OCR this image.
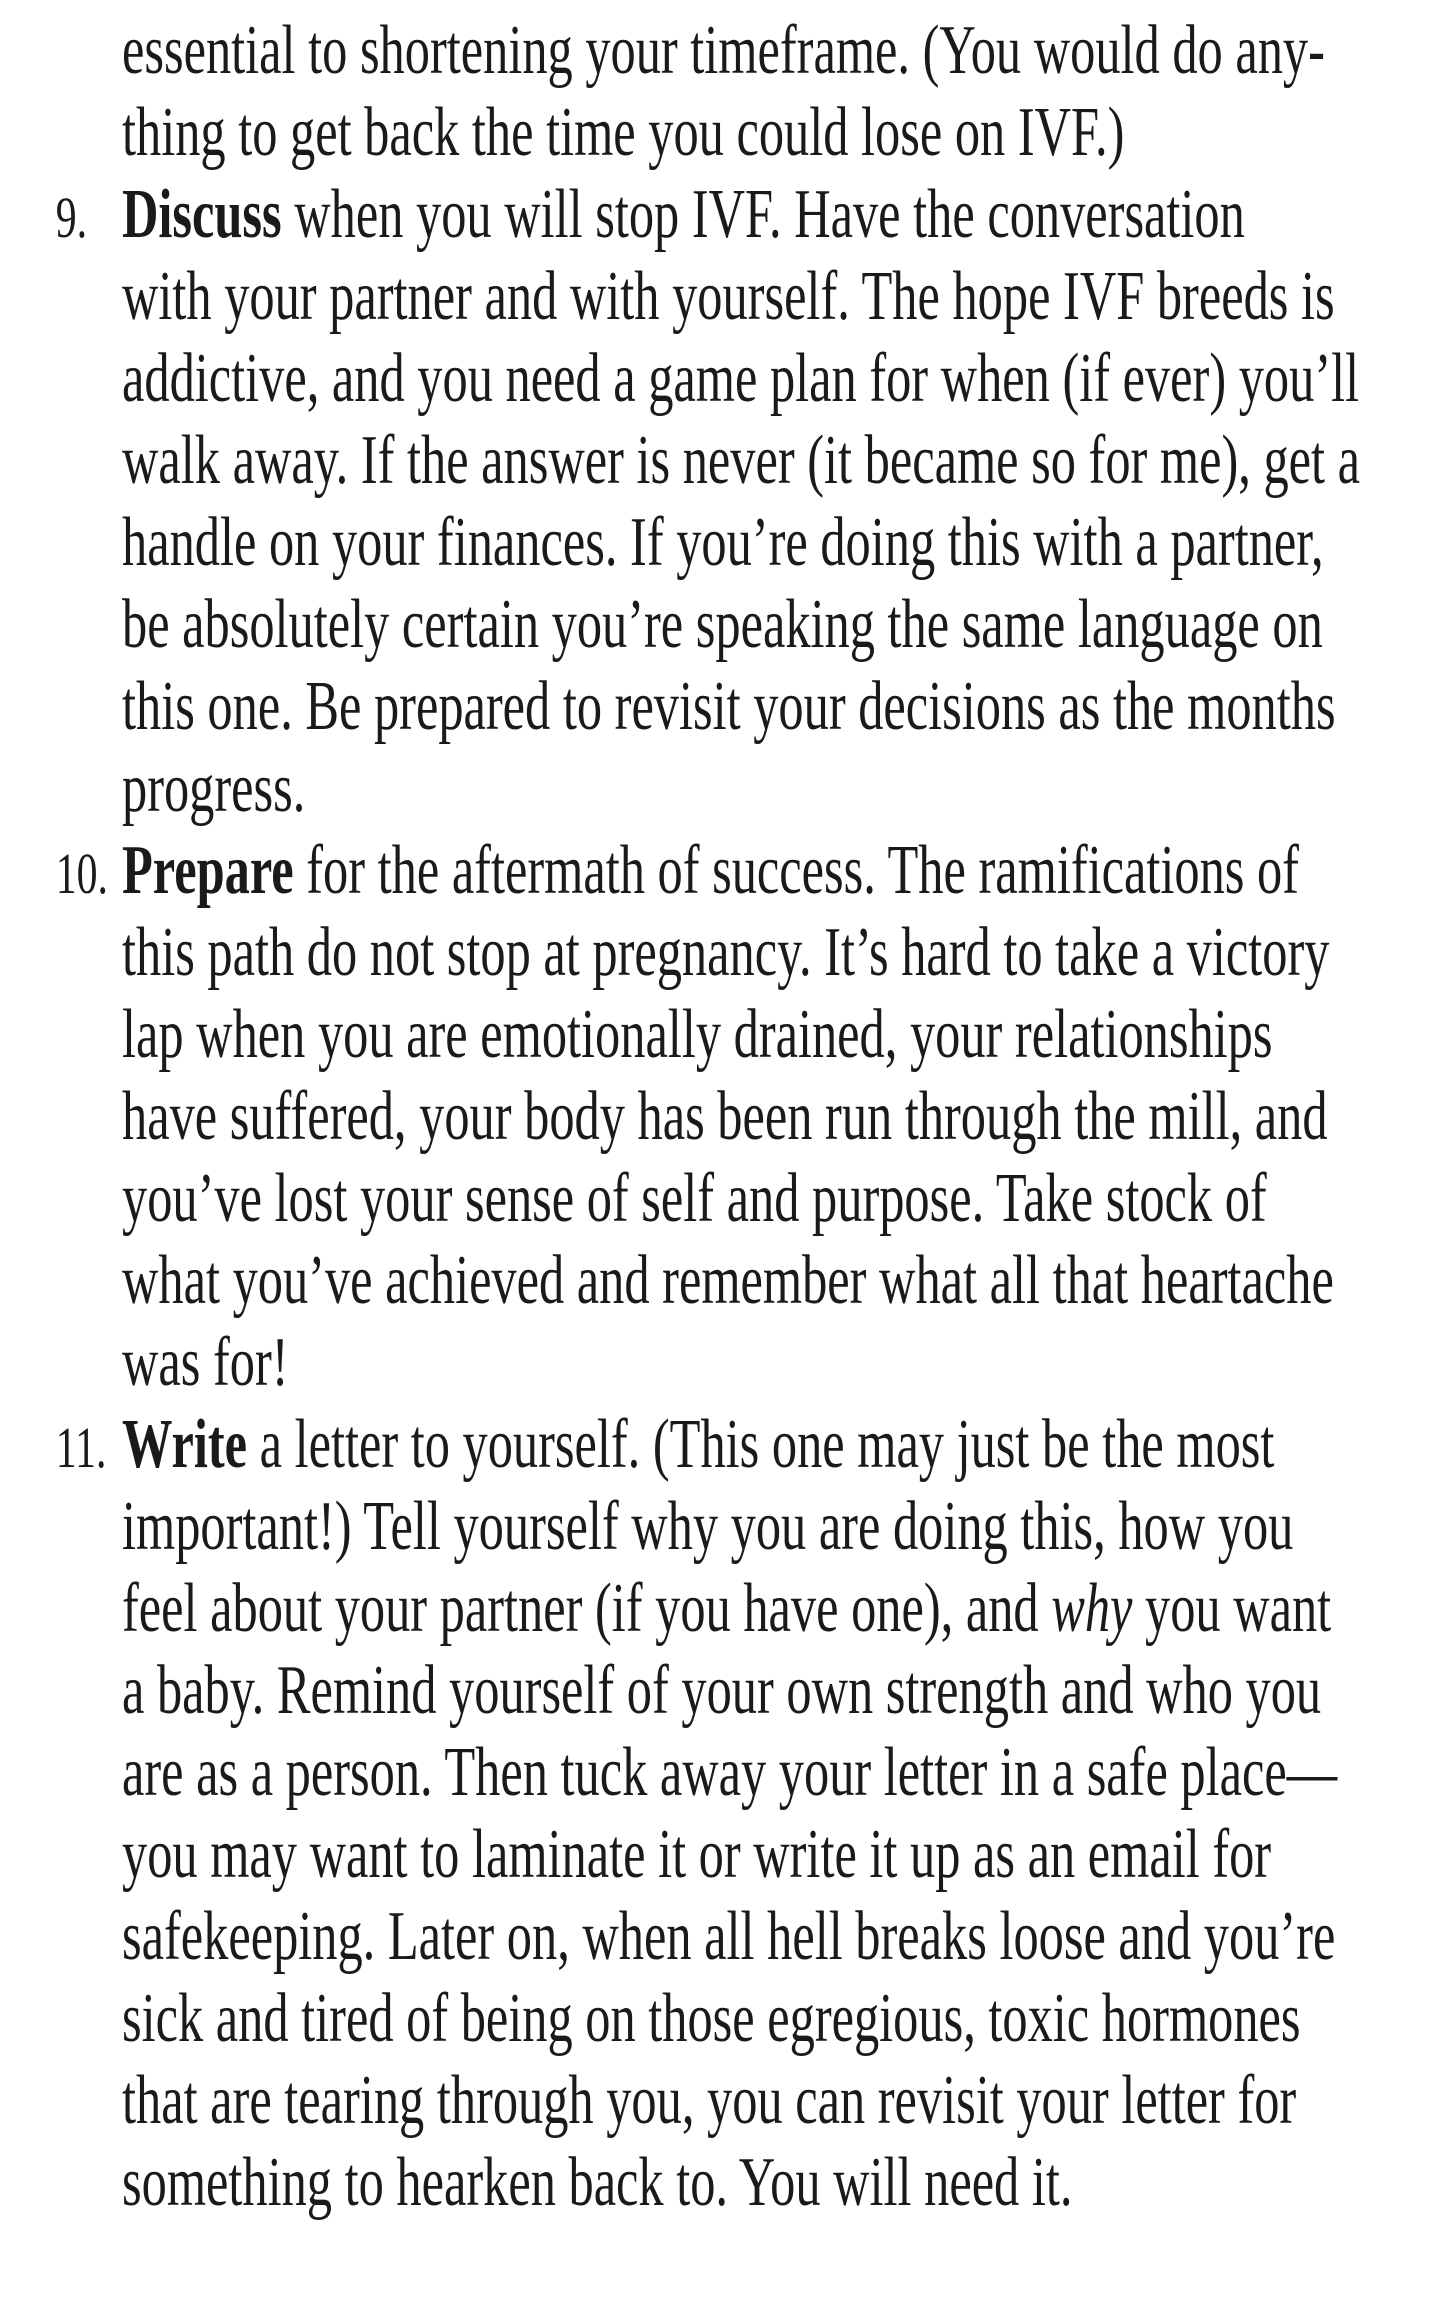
essential to shortening your timeframe. (You would do any-
thing to get back the time you could lose on IVF.)
9. Discuss when you will stop IVF. Have the conversation
with your partner and with yourself. The hope IVF breeds is
addictive, and you need a game plan for when (if ever) you’ll
walk away. If the answer is never (it became so for me), get a
handle on your finances. If you’re doing this with a partner,
be absolutely certain you’re speaking the same language on
this one. Be prepared to revisit your decisions as the months
progress.
10. Prepare for the aftermath of success. The ramifications of
this path do not stop at pregnancy. It’s hard to take a victory
lap when you are emotionally drained, your relationships
have suffered, your body has been run through the mill, and
you’ve lost your sense of self and purpose. Take stock of
what you’ve achieved and remember what all that heartache
was for!
11. Write a letter to yourself. (This one may just be the most
important!) Tell yourself why you are doing this, how you
feel about your partner (if you have one), and why you want
a baby. Remind yourself of your own strength and who you
are as a person. Then tuck away your letter in a safe place—
you may want to laminate it or write it up as an email for
safekeeping. Later on, when all hell breaks loose and you’re
sick and tired of being on those egregious, toxic hormones
that are tearing through you, you can revisit your letter for
something to hearken back to. You will need it.
